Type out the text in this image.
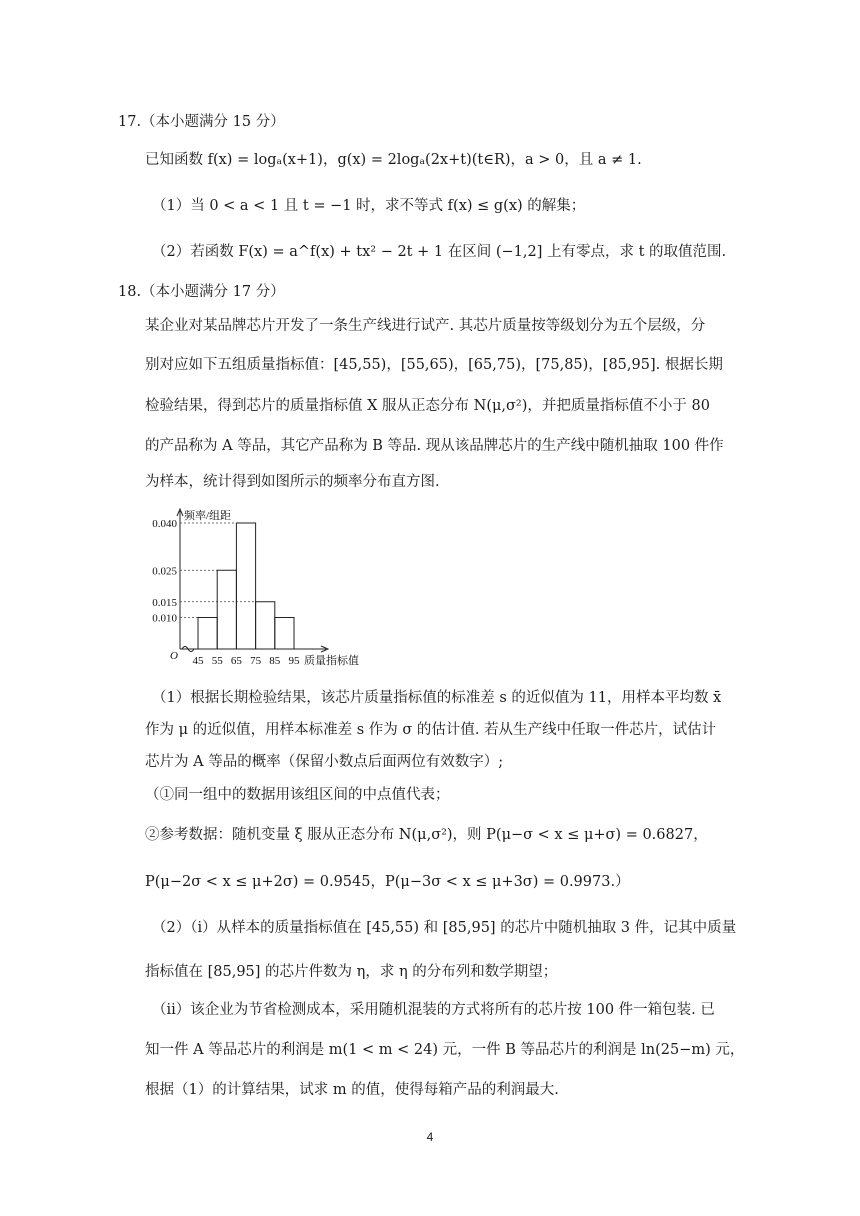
17.（本小题满分 15 分）
已知函数 f(x) = logₐ(x+1)，g(x) = 2logₐ(2x+t)(t∈R)，a > 0，且 a ≠ 1.
（1）当 0 < a < 1 且 t = −1 时，求不等式 f(x) ≤ g(x) 的解集；
（2）若函数 F(x) = a^f(x) + tx² − 2t + 1 在区间 (−1,2] 上有零点，求 t 的取值范围.
18.（本小题满分 17 分）
某企业对某品牌芯片开发了一条生产线进行试产. 其芯片质量按等级划分为五个层级，分
别对应如下五组质量指标值：[45,55)，[55,65)，[65,75)，[75,85)，[85,95]. 根据长期
检验结果，得到芯片的质量指标值 X 服从正态分布 N(μ,σ²)，并把质量指标值不小于 80
的产品称为 A 等品，其它产品称为 B 等品. 现从该品牌芯片的生产线中随机抽取 100 件作
为样本，统计得到如图所示的频率分布直方图.
0.040
0.025
0.015
0.010
45 55 65 75 85 95
频率/组距
质量指标值
O
（1）根据长期检验结果，该芯片质量指标值的标准差 s 的近似值为 11，用样本平均数 x̄
作为 μ 的近似值，用样本标准差 s 作为 σ 的估计值. 若从生产线中任取一件芯片，试估计
芯片为 A 等品的概率（保留小数点后面两位有效数字）;
（①同一组中的数据用该组区间的中点值代表；
②参考数据：随机变量 ξ 服从正态分布 N(μ,σ²)，则 P(μ−σ < x ≤ μ+σ) = 0.6827，
P(μ−2σ < x ≤ μ+2σ) = 0.9545，P(μ−3σ < x ≤ μ+3σ) = 0.9973.）
（2）（ⅰ）从样本的质量指标值在 [45,55) 和 [85,95] 的芯片中随机抽取 3 件，记其中质量
指标值在 [85,95] 的芯片件数为 η，求 η 的分布列和数学期望；
（ⅱ）该企业为节省检测成本，采用随机混装的方式将所有的芯片按 100 件一箱包装. 已
知一件 A 等品芯片的利润是 m(1 < m < 24) 元，一件 B 等品芯片的利润是 ln(25−m) 元，
根据（1）的计算结果，试求 m 的值，使得每箱产品的利润最大.
4
